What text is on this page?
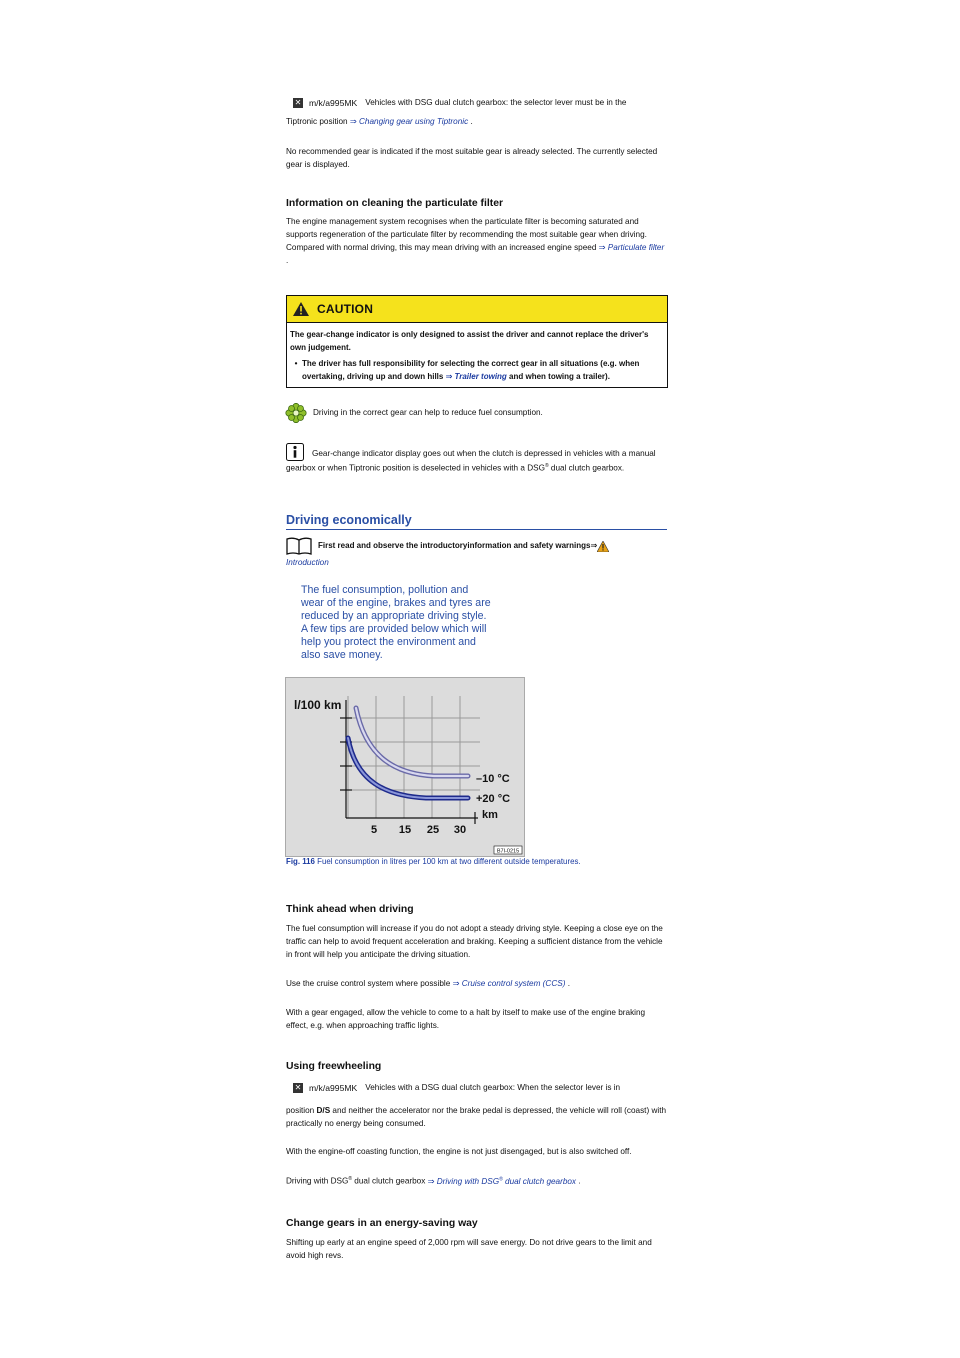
✕ m/k/a995MK Vehicles with DSG dual clutch gearbox: the selector lever must be in the

Tiptronic position ⇒ Changing gear using Tiptronic .

No recommended gear is indicated if the most suitable gear is already selected. The currently selected gear is displayed.

Information on cleaning the particulate filter

The engine management system recognises when the particulate filter is becoming saturated and supports regeneration of the particulate filter by recommending the most suitable gear when driving. Compared with normal driving, this may mean driving with an increased engine speed ⇒ Particulate filter .

CAUTION
The gear-change indicator is only designed to assist the driver and cannot replace the driver's own judgement.
• The driver has full responsibility for selecting the correct gear in all situations (e.g. when overtaking, driving up and down hills ⇒ Trailer towing and when towing a trailer).
Driving in the correct gear can help to reduce fuel consumption.

Gear-change indicator display goes out when the clutch is depressed in vehicles with a manual gearbox or when Tiptronic position is deselected in vehicles with a DSG® dual clutch gearbox.

Driving economically
First read and observe the introductoryinformation and safety warnings⇒

Introduction

The fuel consumption, pollution and wear of the engine, brakes and tyres are reduced by an appropriate driving style. A few tips are provided below which will help you protect the environment and also save money.

l/100 km
–10 °C
+20 °C
km
5 15 25 30
B7I-0215

Fig. 116 Fuel consumption in litres per 100 km at two different outside temperatures.

Think ahead when driving

The fuel consumption will increase if you do not adopt a steady driving style. Keeping a close eye on the traffic can help to avoid frequent acceleration and braking. Keeping a sufficient distance from the vehicle in front will help you anticipate the driving situation.

Use the cruise control system where possible ⇒ Cruise control system (CCS) .

With a gear engaged, allow the vehicle to come to a halt by itself to make use of the engine braking effect, e.g. when approaching traffic lights.

Using freewheeling
✕ m/k/a995MK Vehicles with a DSG dual clutch gearbox: When the selector lever is in

position D/S and neither the accelerator nor the brake pedal is depressed, the vehicle will roll (coast) with practically no energy being consumed.

With the engine-off coasting function, the engine is not just disengaged, but is also switched off.

Driving with DSG® dual clutch gearbox ⇒ Driving with DSG® dual clutch gearbox .

Change gears in an energy-saving way

Shifting up early at an engine speed of 2,000 rpm will save energy. Do not drive gears to the limit and avoid high revs.
